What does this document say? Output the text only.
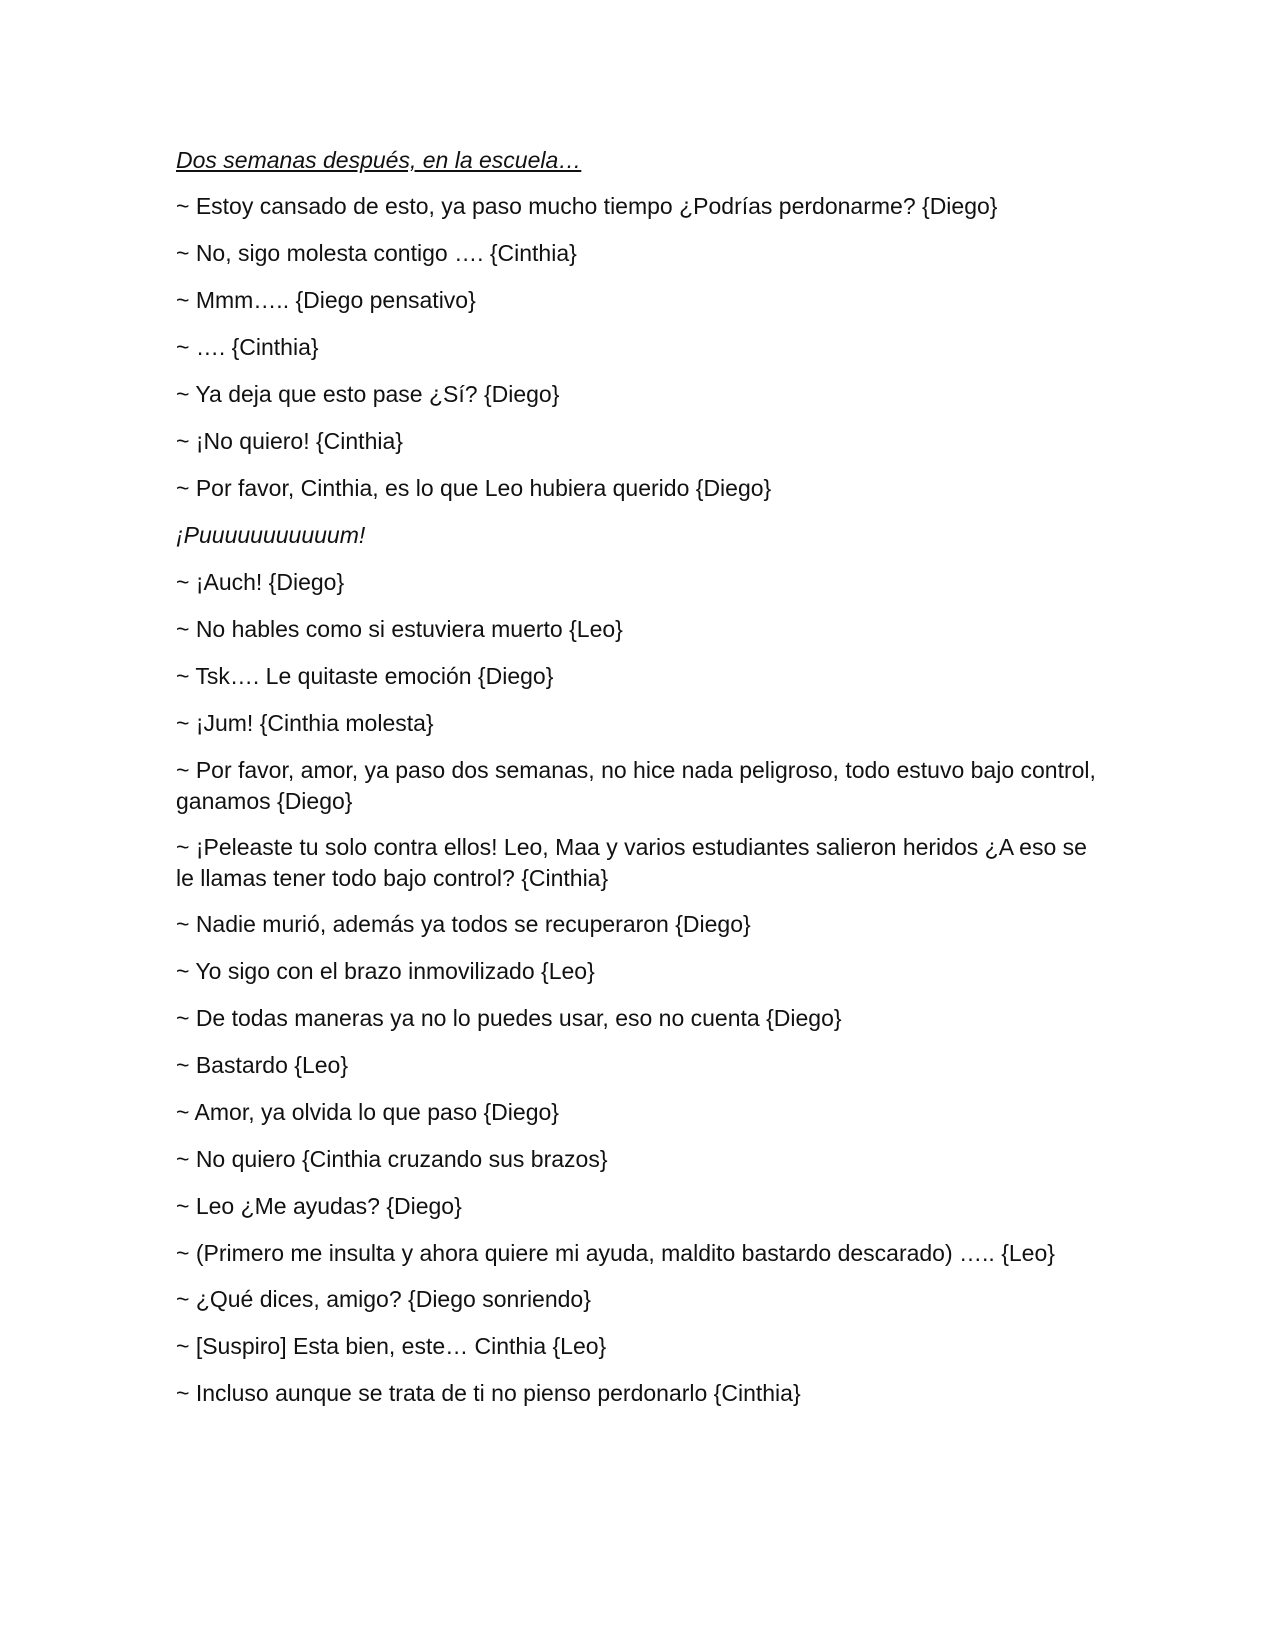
Dos semanas después, en la escuela…

~ Estoy cansado de esto, ya paso mucho tiempo ¿Podrías perdonarme? {Diego}

~ No, sigo molesta contigo …. {Cinthia}

~ Mmm….. {Diego pensativo}

~ …. {Cinthia}

~ Ya deja que esto pase ¿Sí? {Diego}

~ ¡No quiero! {Cinthia}

~ Por favor, Cinthia, es lo que Leo hubiera querido {Diego}

¡Puuuuuuuuuuum!

~ ¡Auch! {Diego}

~ No hables como si estuviera muerto {Leo}

~ Tsk…. Le quitaste emoción {Diego}

~ ¡Jum! {Cinthia molesta}

~ Por favor, amor, ya paso dos semanas, no hice nada peligroso, todo estuvo bajo control, ganamos {Diego}

~ ¡Peleaste tu solo contra ellos! Leo, Maa y varios estudiantes salieron heridos ¿A eso se le llamas tener todo bajo control? {Cinthia}

~ Nadie murió, además ya todos se recuperaron {Diego}

~ Yo sigo con el brazo inmovilizado {Leo}

~ De todas maneras ya no lo puedes usar, eso no cuenta {Diego}

~ Bastardo {Leo}

~ Amor, ya olvida lo que paso {Diego}

~ No quiero {Cinthia cruzando sus brazos}

~ Leo ¿Me ayudas? {Diego}

~ (Primero me insulta y ahora quiere mi ayuda, maldito bastardo descarado) ….. {Leo}

~ ¿Qué dices, amigo? {Diego sonriendo}

~ [Suspiro] Esta bien, este… Cinthia {Leo}

~ Incluso aunque se trata de ti no pienso perdonarlo {Cinthia}
